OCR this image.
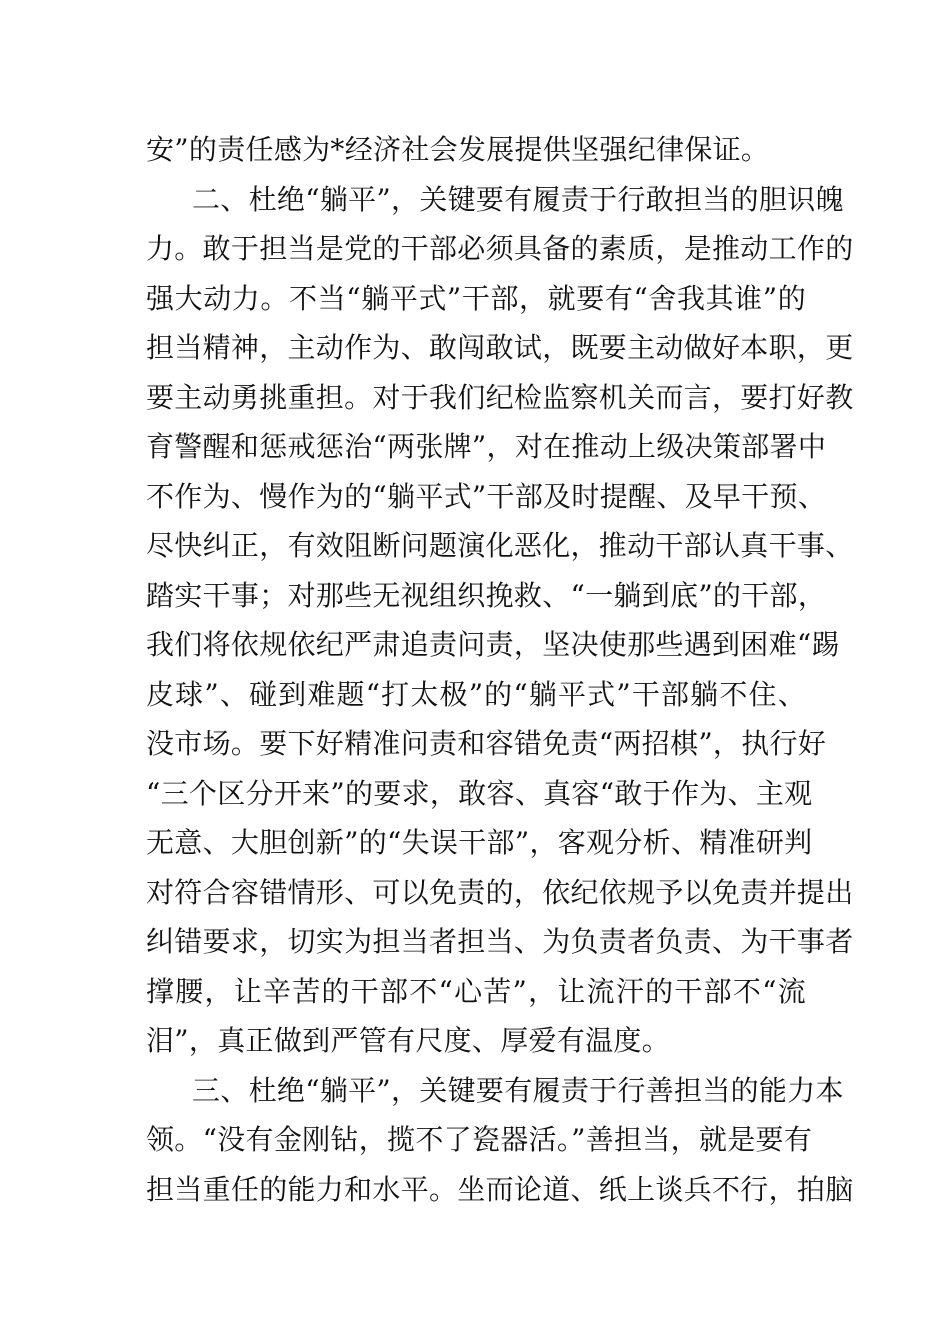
安”的责任感为*经济社会发展提供坚强纪律保证。
二、杜绝“躺平”，关键要有履责于行敢担当的胆识魄
力。敢于担当是党的干部必须具备的素质，是推动工作的
强大动力。不当“躺平式”干部，就要有“舍我其谁”的
担当精神，主动作为、敢闯敢试，既要主动做好本职，更
要主动勇挑重担。对于我们纪检监察机关而言，要打好教
育警醒和惩戒惩治“两张牌”，对在推动上级决策部署中
不作为、慢作为的“躺平式”干部及时提醒、及早干预、
尽快纠正，有效阻断问题演化恶化，推动干部认真干事、
踏实干事；对那些无视组织挽救、“一躺到底”的干部，
我们将依规依纪严肃追责问责，坚决使那些遇到困难“踢
皮球”、碰到难题“打太极”的“躺平式”干部躺不住、
没市场。要下好精准问责和容错免责“两招棋”，执行好
“三个区分开来”的要求，敢容、真容“敢于作为、主观
无意、大胆创新”的“失误干部”，客观分析、精准研判
对符合容错情形、可以免责的，依纪依规予以免责并提出
纠错要求，切实为担当者担当、为负责者负责、为干事者
撑腰，让辛苦的干部不“心苦”，让流汗的干部不“流
泪”，真正做到严管有尺度、厚爱有温度。
三、杜绝“躺平”，关键要有履责于行善担当的能力本
领。“没有金刚钻，揽不了瓷器活。”善担当，就是要有
担当重任的能力和水平。坐而论道、纸上谈兵不行，拍脑
